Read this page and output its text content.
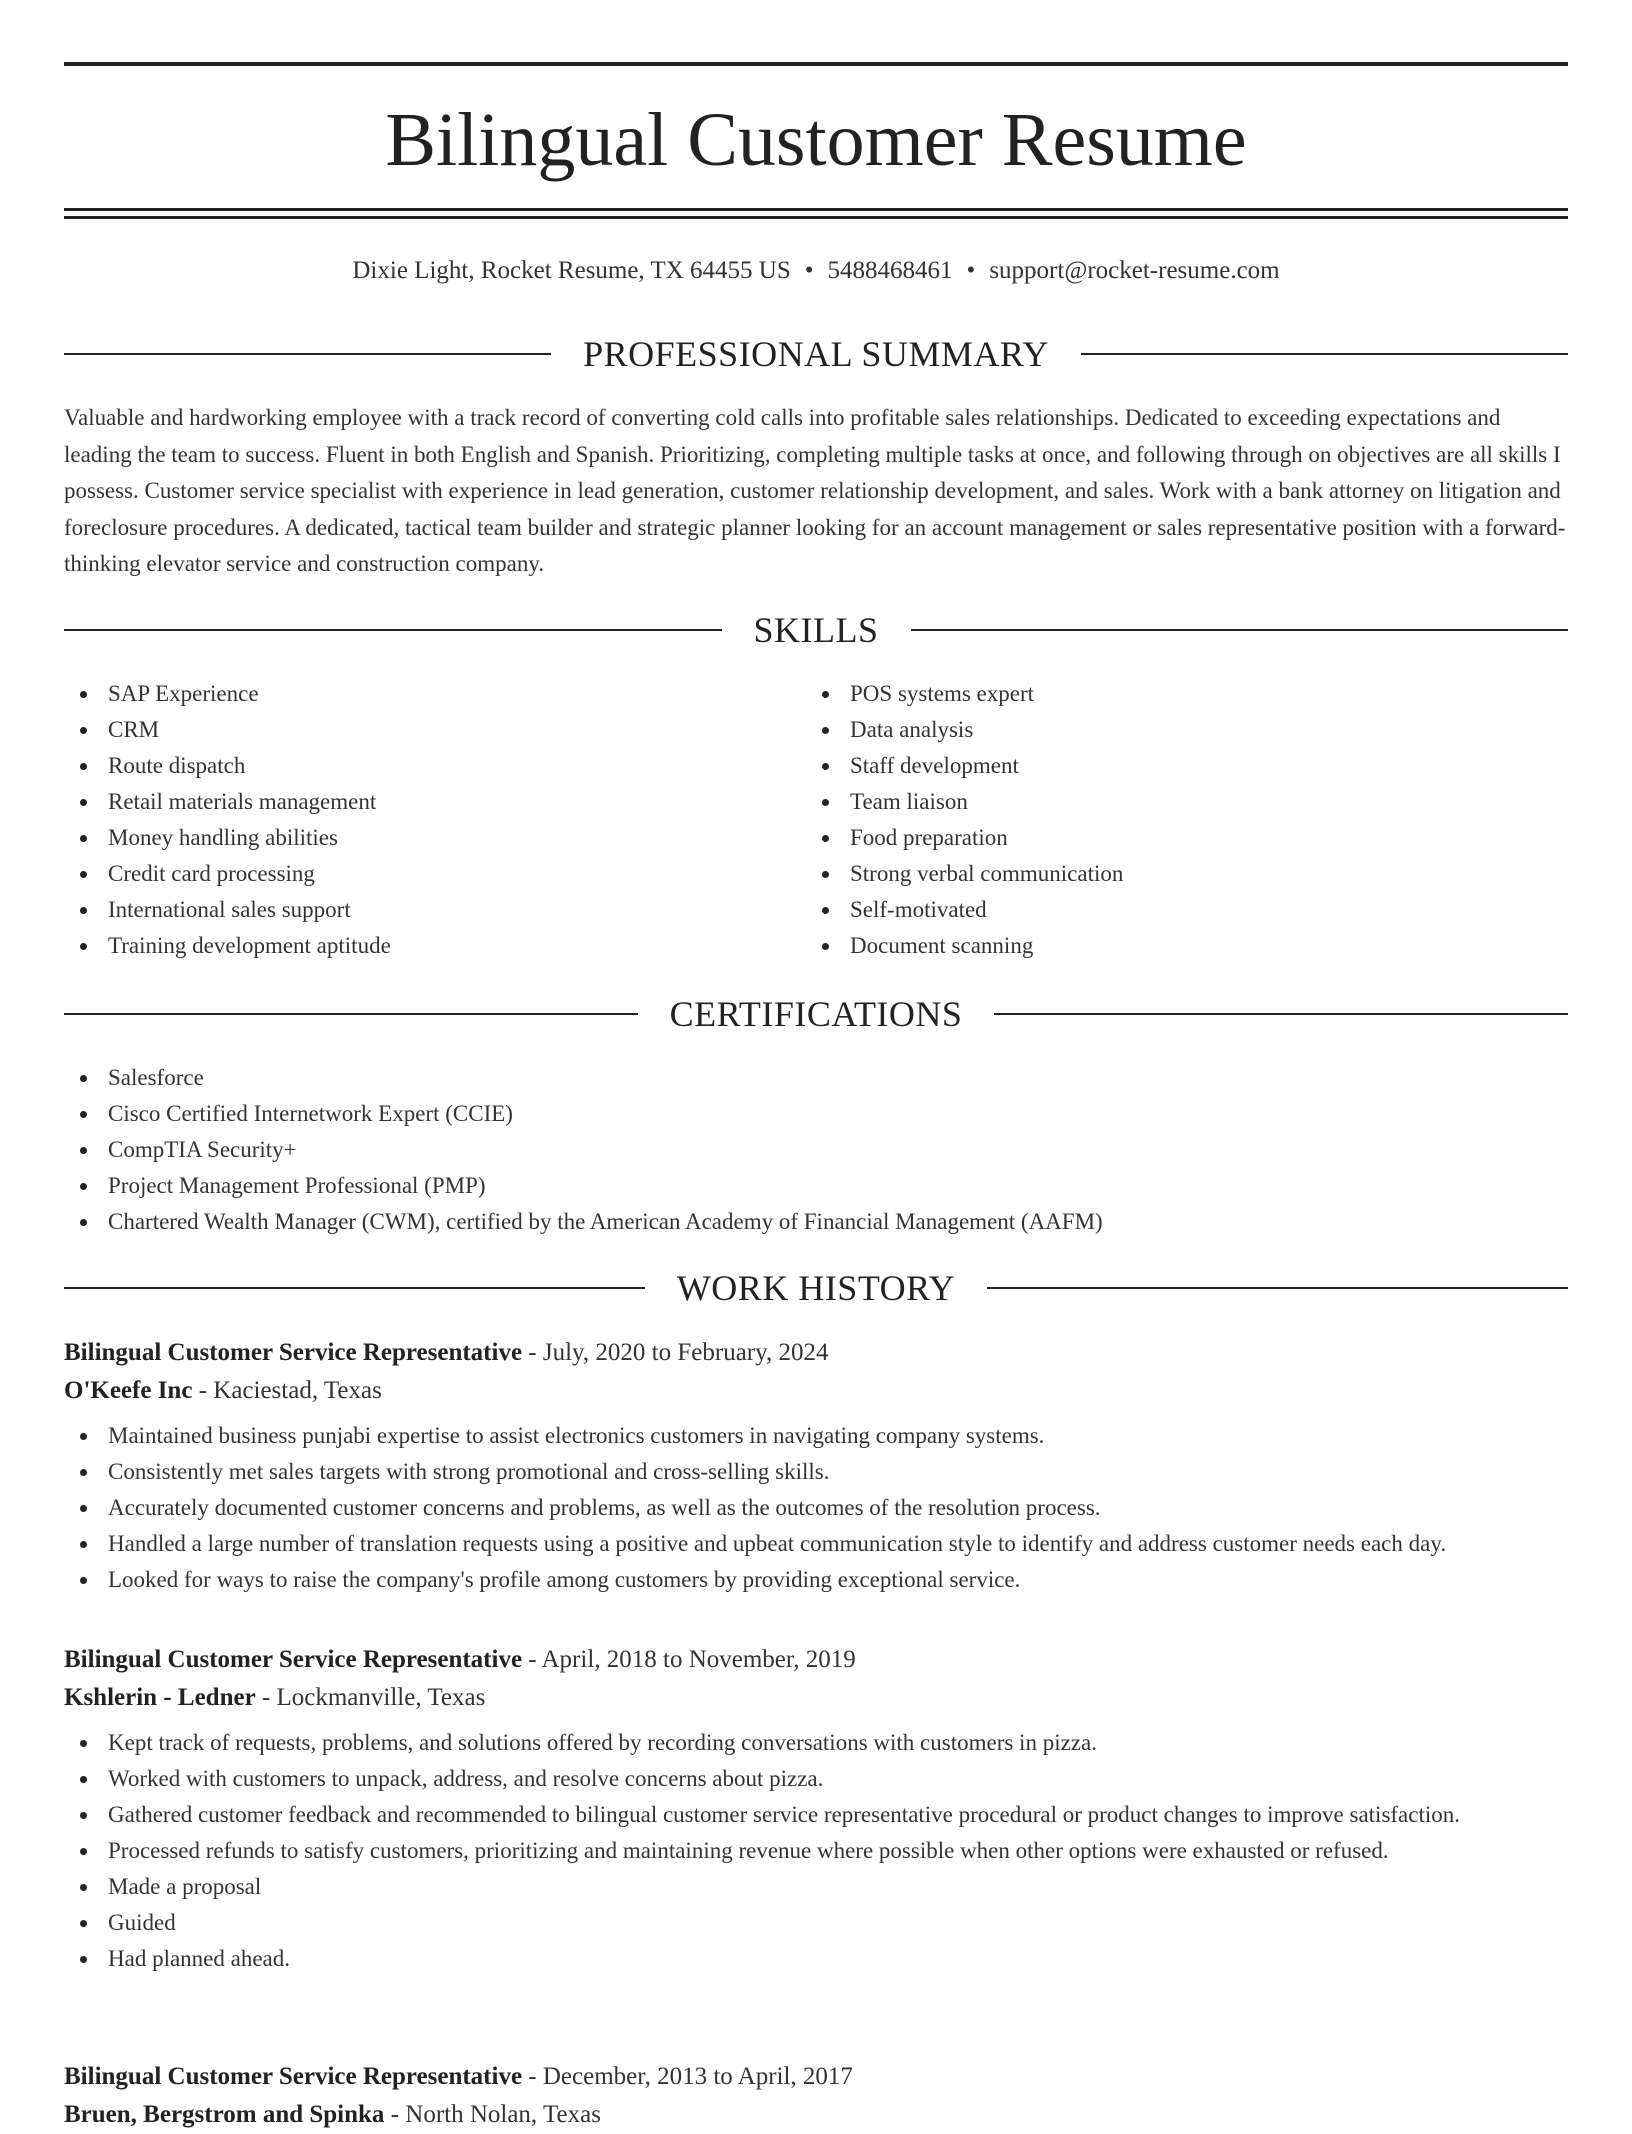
Bilingual Customer Resume
Dixie Light, Rocket Resume, TX 64455 US • 5488468461 • support@rocket-resume.com
PROFESSIONAL SUMMARY
Valuable and hardworking employee with a track record of converting cold calls into profitable sales relationships. Dedicated to exceeding expectations and leading the team to success. Fluent in both English and Spanish. Prioritizing, completing multiple tasks at once, and following through on objectives are all skills I possess. Customer service specialist with experience in lead generation, customer relationship development, and sales. Work with a bank attorney on litigation and foreclosure procedures. A dedicated, tactical team builder and strategic planner looking for an account management or sales representative position with a forward-thinking elevator service and construction company.
SKILLS
SAP Experience
CRM
Route dispatch
Retail materials management
Money handling abilities
Credit card processing
International sales support
Training development aptitude
POS systems expert
Data analysis
Staff development
Team liaison
Food preparation
Strong verbal communication
Self-motivated
Document scanning
CERTIFICATIONS
Salesforce
Cisco Certified Internetwork Expert (CCIE)
CompTIA Security+
Project Management Professional (PMP)
Chartered Wealth Manager (CWM), certified by the American Academy of Financial Management (AAFM)
WORK HISTORY
Bilingual Customer Service Representative - July, 2020 to February, 2024
O'Keefe Inc - Kaciestad, Texas
Maintained business punjabi expertise to assist electronics customers in navigating company systems.
Consistently met sales targets with strong promotional and cross-selling skills.
Accurately documented customer concerns and problems, as well as the outcomes of the resolution process.
Handled a large number of translation requests using a positive and upbeat communication style to identify and address customer needs each day.
Looked for ways to raise the company's profile among customers by providing exceptional service.
Bilingual Customer Service Representative - April, 2018 to November, 2019
Kshlerin - Ledner - Lockmanville, Texas
Kept track of requests, problems, and solutions offered by recording conversations with customers in pizza.
Worked with customers to unpack, address, and resolve concerns about pizza.
Gathered customer feedback and recommended to bilingual customer service representative procedural or product changes to improve satisfaction.
Processed refunds to satisfy customers, prioritizing and maintaining revenue where possible when other options were exhausted or refused.
Made a proposal
Guided
Had planned ahead.
Bilingual Customer Service Representative - December, 2013 to April, 2017
Bruen, Bergstrom and Spinka - North Nolan, Texas
